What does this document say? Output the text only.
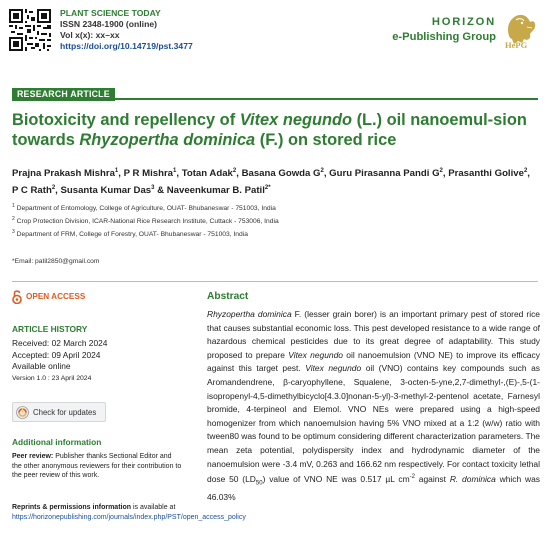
PLANT SCIENCE TODAY
ISSN 2348-1900 (online)
Vol x(x): xx–xx
https://doi.org/10.14719/pst.3477
HORIZON
e-Publishing Group
HePG
RESEARCH ARTICLE
Biotoxicity and repellency of Vitex negundo (L.) oil nanoemul-sion towards Rhyzopertha dominica (F.) on stored rice
Prajna Prakash Mishra$^1$, P R Mishra$^1$, Totan Adak$^2$, Basana Gowda $G^2$, Guru Pirasanna Pandi $G^2$, Prasanthi Golive$^2$,
P C Rath$^2$, Susanta Kumar Das$^3$ & Naveenkumar B. Patil$^{2*}$
$^1$ Department of Entomology, College of Agriculture, OUAT- Bhubaneswar - 751003, India
$^2$ Crop Protection Division, ICAR-National Rice Research Institute, Cuttack - 753006, India
$^3$ Department of FRM, College of Forestry, OUAT- Bhubaneswar - 751003, India
*Email: patil2850@gmail.com
OPEN ACCESS
ARTICLE HISTORY
Received: 02 March 2024
Accepted: 09 April 2024
Available online
Version 1.0 : 23 April 2024
Check for updates
Additional information
Peer review: Publisher thanks Sectional Editor and the other anonymous reviewers for their contribution to the peer review of this work.
Reprints & permissions information is available at https://horizonepublishing.com/journals/index.php/PST/open_access_policy
Abstract

Rhyzopertha dominica F. (lesser grain borer) is an important primary pest of stored rice that causes substantial economic loss. This pest developed resistance to a wide range of hazardous chemical pesticides due to its great degree of adaptability. This study proposed to prepare Vitex negundo oil nanoemulsion (VNO NE) to improve its efficacy against this target pest. Vitex negundo oil (VNO) contains key compounds such as Aromandendrene, β-caryophyllene, Squalene, 3-octen-5-yne,2,7-dimethyl-,(E)-,5-(1-isopropenyl-4,5-dimethylbicyclo[4.3.0]nonan-5-yl)-3-methyl-2-pentenol acetate, Farnesyl bromide, 4-terpineol and Elemol. VNO NEs were prepared using a high-speed homogenizer from which nanoemulsion having 5% VNO mixed at a 1:2 (w/w) ratio with tween80 was found to be optimum considering different characterization parameters. The mean zeta potential, polydispersity index and hydrodynamic diameter of the nanoemulsion were -3.4 mV, 0.263 and 166.62 nm respectively. For contact toxicity lethal dose 50 $(LD_{50})$ value of VNO NE was 0.517 µL $cm^{-2}$ against R. dominica which was 46.03%
